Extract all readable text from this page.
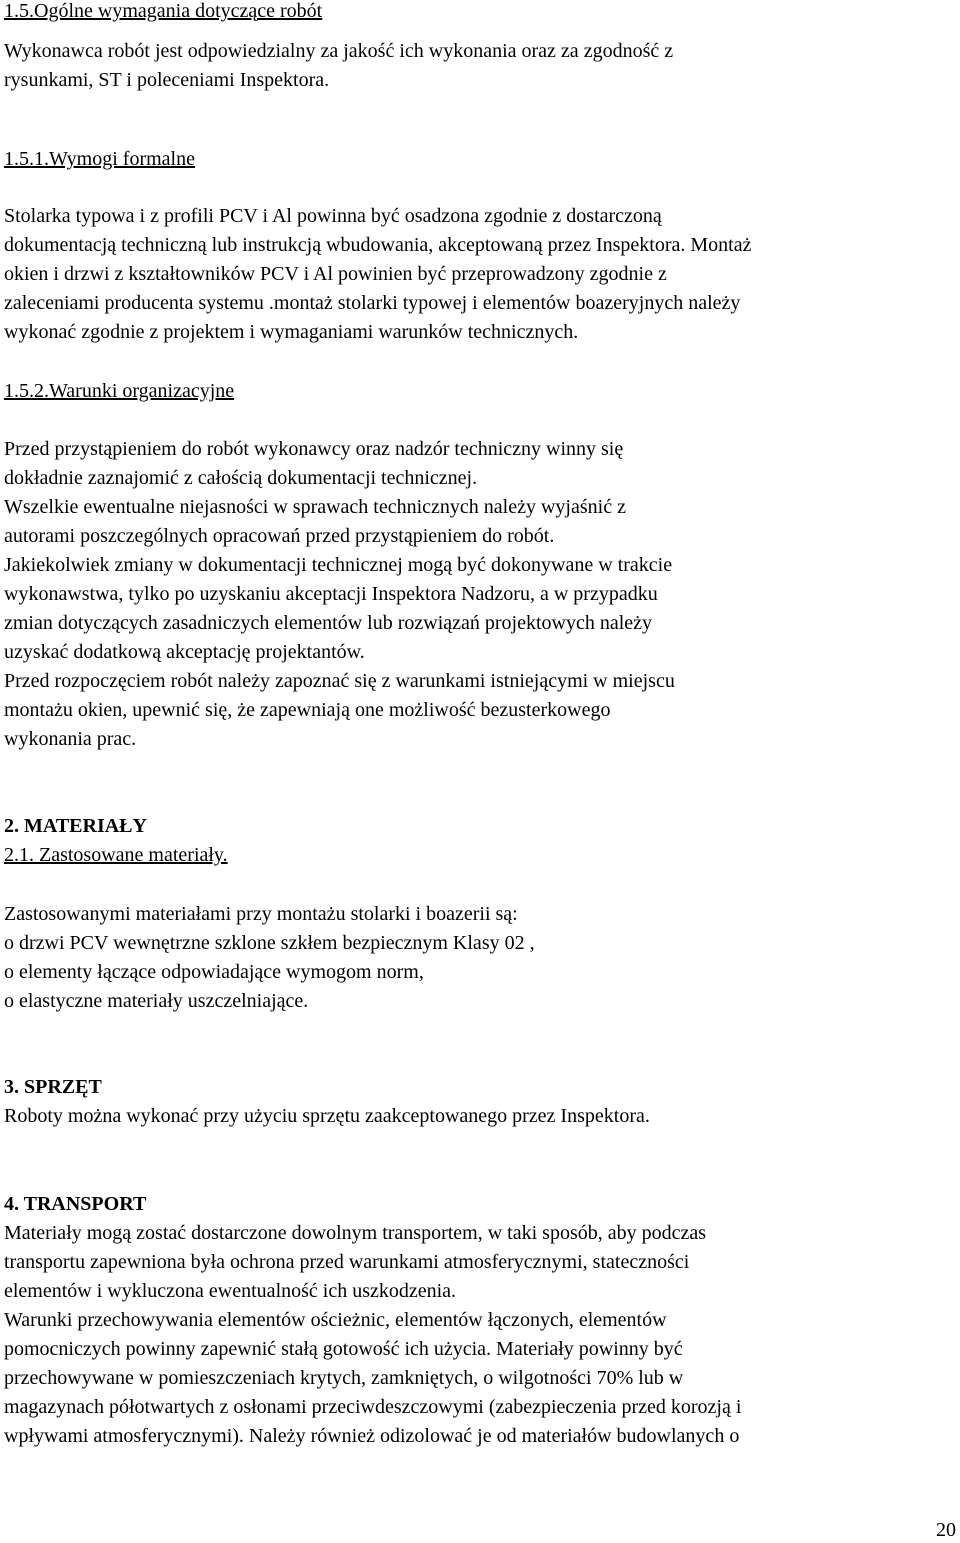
1.5.Ogólne wymagania dotyczące robót
Wykonawca robót jest odpowiedzialny za jakość ich wykonania oraz za zgodność z
rysunkami, ST i poleceniami Inspektora.
1.5.1.Wymogi formalne
Stolarka typowa i z profili PCV i Al powinna być osadzona zgodnie z dostarczoną
dokumentacją techniczną lub instrukcją wbudowania, akceptowaną przez Inspektora. Montaż
okien i drzwi z kształtowników PCV i Al powinien być przeprowadzony zgodnie z
zaleceniami producenta systemu .montaż stolarki typowej i elementów boazeryjnych należy
wykonać zgodnie z projektem i wymaganiami warunków technicznych.
1.5.2.Warunki organizacyjne
Przed przystąpieniem do robót wykonawcy oraz nadzór techniczny winny się
dokładnie zaznajomić z całością dokumentacji technicznej.
Wszelkie ewentualne niejasności w sprawach technicznych należy wyjaśnić z
autorami poszczególnych opracowań przed przystąpieniem do robót.
Jakiekolwiek zmiany w dokumentacji technicznej mogą być dokonywane w trakcie
wykonawstwa, tylko po uzyskaniu akceptacji Inspektora Nadzoru, a w przypadku
zmian dotyczących zasadniczych elementów lub rozwiązań projektowych należy
uzyskać dodatkową akceptację projektantów.
Przed rozpoczęciem robót należy zapoznać się z warunkami istniejącymi w miejscu
montażu okien, upewnić się, że zapewniają one możliwość bezusterkowego
wykonania prac.
2. MATERIAŁY
2.1. Zastosowane materiały.
Zastosowanymi materiałami przy montażu stolarki i boazerii są:
o drzwi PCV wewnętrzne szklone szkłem bezpiecznym Klasy 02 ,
o elementy łączące odpowiadające wymogom norm,
o elastyczne materiały uszczelniające.
3. SPRZĘT
Roboty można wykonać przy użyciu sprzętu zaakceptowanego przez Inspektora.
4. TRANSPORT
Materiały mogą zostać dostarczone dowolnym transportem, w taki sposób, aby podczas
transportu zapewniona była ochrona przed warunkami atmosferycznymi, stateczności
elementów i wykluczona ewentualność ich uszkodzenia.
Warunki przechowywania elementów ościeżnic, elementów łączonych, elementów
pomocniczych powinny zapewnić stałą gotowość ich użycia. Materiały powinny być
przechowywane w pomieszczeniach krytych, zamkniętych, o wilgotności 70% lub w
magazynach półotwartych z osłonami przeciwdeszczowymi (zabezpieczenia przed korozją i
wpływami atmosferycznymi). Należy również odizolować je od materiałów budowlanych o
20
